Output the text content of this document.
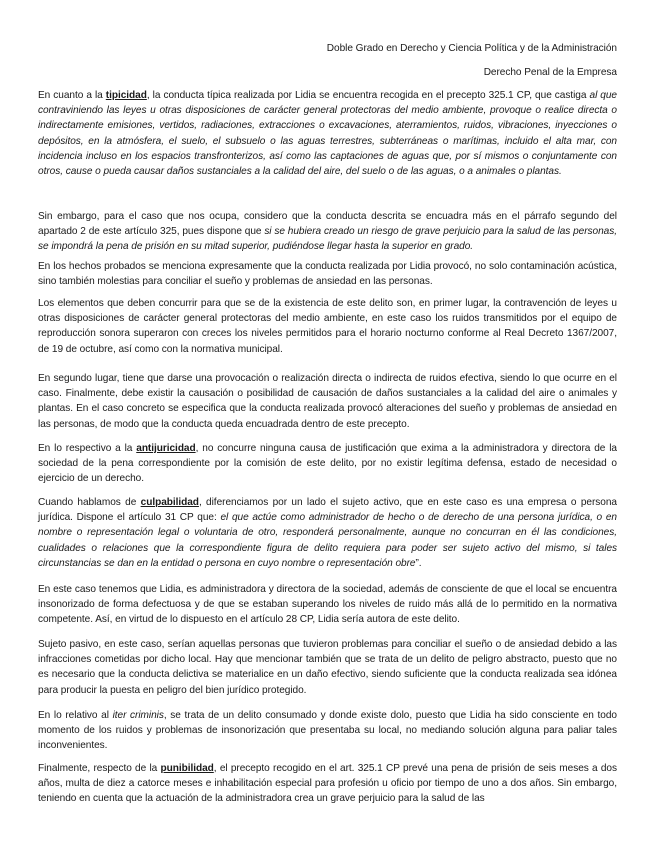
Doble Grado en Derecho y Ciencia Política y de la Administración
Derecho Penal de la Empresa

En cuanto a la tipicidad, la conducta típica realizada por Lidia se encuentra recogida en el precepto 325.1 CP, que castiga al que contraviniendo las leyes u otras disposiciones de carácter general protectoras del medio ambiente, provoque o realice directa o indirectamente emisiones, vertidos, radiaciones, extracciones o excavaciones, aterramientos, ruidos, vibraciones, inyecciones o depósitos, en la atmósfera, el suelo, el subsuelo o las aguas terrestres, subterráneas o marítimas, incluido el alta mar, con incidencia incluso en los espacios transfronterizos, así como las captaciones de aguas que, por sí mismos o conjuntamente con otros, cause o pueda causar daños sustanciales a la calidad del aire, del suelo o de las aguas, o a animales o plantas.

Sin embargo, para el caso que nos ocupa, considero que la conducta descrita se encuadra más en el párrafo segundo del apartado 2 de este artículo 325, pues dispone que si se hubiera creado un riesgo de grave perjuicio para la salud de las personas, se impondrá la pena de prisión en su mitad superior, pudiéndose llegar hasta la superior en grado.

En los hechos probados se menciona expresamente que la conducta realizada por Lidia provocó, no solo contaminación acústica, sino también molestias para conciliar el sueño y problemas de ansiedad en las personas.

Los elementos que deben concurrir para que se de la existencia de este delito son, en primer lugar, la contravención de leyes u otras disposiciones de carácter general protectoras del medio ambiente, en este caso los ruidos transmitidos por el equipo de reproducción sonora superaron con creces los niveles permitidos para el horario nocturno conforme al Real Decreto 1367/2007, de 19 de octubre, así como con la normativa municipal.

En segundo lugar, tiene que darse una provocación o realización directa o indirecta de ruidos efectiva, siendo lo que ocurre en el caso. Finalmente, debe existir la causación o posibilidad de causación de daños sustanciales a la calidad del aire o animales y plantas. En el caso concreto se especifica que la conducta realizada provocó alteraciones del sueño y problemas de ansiedad en las personas, de modo que la conducta queda encuadrada dentro de este precepto.

En lo respectivo a la antijuricidad, no concurre ninguna causa de justificación que exima a la administradora y directora de la sociedad de la pena correspondiente por la comisión de este delito, por no existir legítima defensa, estado de necesidad o ejercicio de un derecho.

Cuando hablamos de culpabilidad, diferenciamos por un lado el sujeto activo, que en este caso es una empresa o persona jurídica. Dispone el artículo 31 CP que: el que actúe como administrador de hecho o de derecho de una persona jurídica, o en nombre o representación legal o voluntaria de otro, responderá personalmente, aunque no concurran en él las condiciones, cualidades o relaciones que la correspondiente figura de delito requiera para poder ser sujeto activo del mismo, si tales circunstancias se dan en la entidad o persona en cuyo nombre o representación obre”.

En este caso tenemos que Lidia, es administradora y directora de la sociedad, además de consciente de que el local se encuentra insonorizado de forma defectuosa y de que se estaban superando los niveles de ruido más allá de lo permitido en la normativa competente. Así, en virtud de lo dispuesto en el artículo 28 CP, Lidia sería autora de este delito.

Sujeto pasivo, en este caso, serían aquellas personas que tuvieron problemas para conciliar el sueño o de ansiedad debido a las infracciones cometidas por dicho local. Hay que mencionar también que se trata de un delito de peligro abstracto, puesto que no es necesario que la conducta delictiva se materialice en un daño efectivo, siendo suficiente que la conducta realizada sea idónea para producir la puesta en peligro del bien jurídico protegido.

En lo relativo al iter criminis, se trata de un delito consumado y donde existe dolo, puesto que Lidia ha sido consciente en todo momento de los ruidos y problemas de insonorización que presentaba su local, no mediando solución alguna para paliar tales inconvenientes.

Finalmente, respecto de la punibilidad, el precepto recogido en el art. 325.1 CP prevé una pena de prisión de seis meses a dos años, multa de diez a catorce meses e inhabilitación especial para profesión u oficio por tiempo de uno a dos años. Sin embargo, teniendo en cuenta que la actuación de la administradora crea un grave perjuicio para la salud de las
